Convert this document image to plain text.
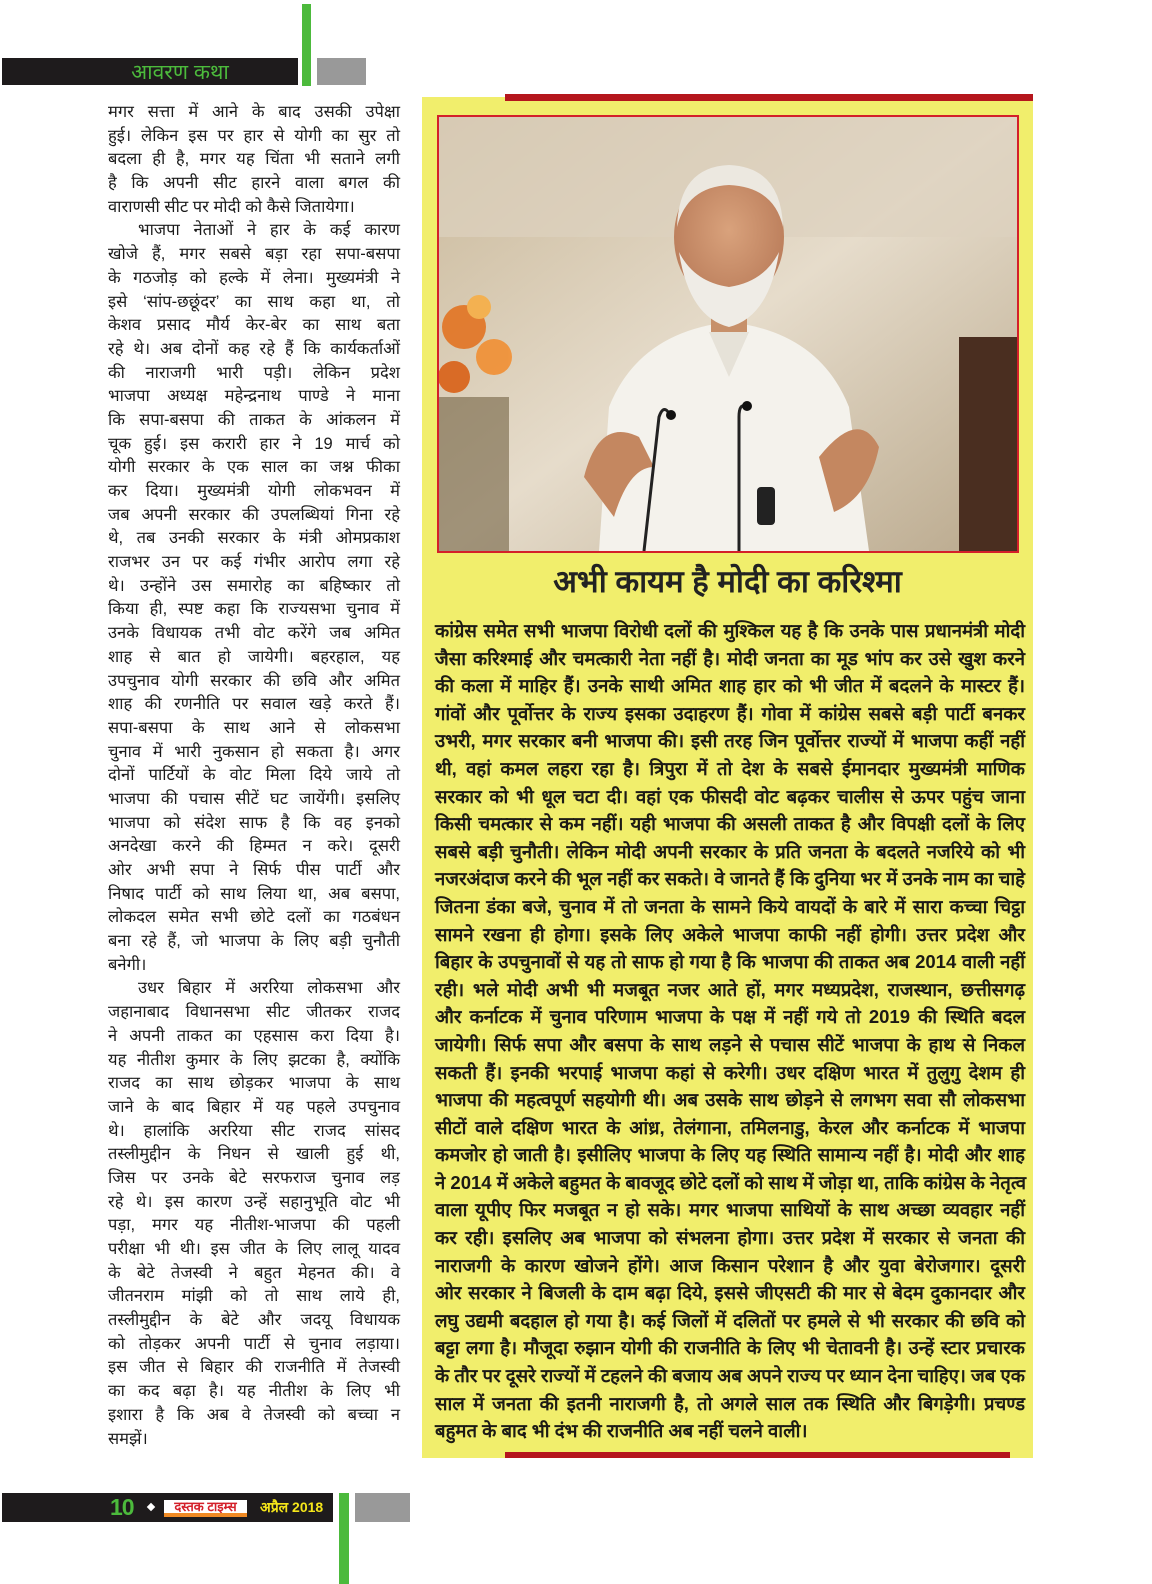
आवरण कथा
मगर सत्ता में आने के बाद उसकी उपेक्षा
हुई। लेकिन इस पर हार से योगी का सुर तो
बदला ही है, मगर यह चिंता भी सताने लगी
है कि अपनी सीट हारने वाला बगल की
वाराणसी सीट पर मोदी को कैसे जितायेगा।
भाजपा नेताओं ने हार के कई कारण
खोजे हैं, मगर सबसे बड़ा रहा सपा-बसपा
के गठजोड़ को हल्के में लेना। मुख्यमंत्री ने
इसे ‘सांप-छछूंदर’ का साथ कहा था, तो
केशव प्रसाद मौर्य केर-बेर का साथ बता
रहे थे। अब दोनों कह रहे हैं कि कार्यकर्ताओं
की नाराजगी भारी पड़ी। लेकिन प्रदेश
भाजपा अध्यक्ष महेन्द्रनाथ पाण्डे ने माना
कि सपा-बसपा की ताकत के आंकलन में
चूक हुई। इस करारी हार ने 19 मार्च को
योगी सरकार के एक साल का जश्न फीका
कर दिया। मुख्यमंत्री योगी लोकभवन में
जब अपनी सरकार की उपलब्धियां गिना रहे
थे, तब उनकी सरकार के मंत्री ओमप्रकाश
राजभर उन पर कई गंभीर आरोप लगा रहे
थे। उन्होंने उस समारोह का बहिष्कार तो
किया ही, स्पष्ट कहा कि राज्यसभा चुनाव में
उनके विधायक तभी वोट करेंगे जब अमित
शाह से बात हो जायेगी। बहरहाल, यह
उपचुनाव योगी सरकार की छवि और अमित
शाह की रणनीति पर सवाल खड़े करते हैं।
सपा-बसपा के साथ आने से लोकसभा
चुनाव में भारी नुकसान हो सकता है। अगर
दोनों पार्टियों के वोट मिला दिये जाये तो
भाजपा की पचास सीटें घट जायेंगी। इसलिए
भाजपा को संदेश साफ है कि वह इनको
अनदेखा करने की हिम्मत न करे। दूसरी
ओर अभी सपा ने सिर्फ पीस पार्टी और
निषाद पार्टी को साथ लिया था, अब बसपा,
लोकदल समेत सभी छोटे दलों का गठबंधन
बना रहे हैं, जो भाजपा के लिए बड़ी चुनौती
बनेगी।
उधर बिहार में अररिया लोकसभा और
जहानाबाद विधानसभा सीट जीतकर राजद
ने अपनी ताकत का एहसास करा दिया है।
यह नीतीश कुमार के लिए झटका है, क्योंकि
राजद का साथ छोड़कर भाजपा के साथ
जाने के बाद बिहार में यह पहले उपचुनाव
थे। हालांकि अररिया सीट राजद सांसद
तस्लीमुद्दीन के निधन से खाली हुई थी,
जिस पर उनके बेटे सरफराज चुनाव लड़
रहे थे। इस कारण उन्हें सहानुभूति वोट भी
पड़ा, मगर यह नीतीश-भाजपा की पहली
परीक्षा भी थी। इस जीत के लिए लालू यादव
के बेटे तेजस्वी ने बहुत मेहनत की। वे
जीतनराम मांझी को तो साथ लाये ही,
तस्लीमुद्दीन के बेटे और जदयू विधायक
को तोड़कर अपनी पार्टी से चुनाव लड़ाया।
इस जीत से बिहार की राजनीति में तेजस्वी
का कद बढ़ा है। यह नीतीश के लिए भी
इशारा है कि अब वे तेजस्वी को बच्चा न
समझें।
अभी कायम है मोदी का करिश्मा
कांग्रेस समेत सभी भाजपा विरोधी दलों की मुश्किल यह है कि उनके पास प्रधानमंत्री मोदी
जैसा करिश्माई और चमत्कारी नेता नहीं है। मोदी जनता का मूड भांप कर उसे खुश करने
की कला में माहिर हैं। उनके साथी अमित शाह हार को भी जीत में बदलने के मास्टर हैं।
गांवों और पूर्वोत्तर के राज्य इसका उदाहरण हैं। गोवा में कांग्रेस सबसे बड़ी पार्टी बनकर
उभरी, मगर सरकार बनी भाजपा की। इसी तरह जिन पूर्वोत्तर राज्यों में भाजपा कहीं नहीं
थी, वहां कमल लहरा रहा है। त्रिपुरा में तो देश के सबसे ईमानदार मुख्यमंत्री माणिक
सरकार को भी धूल चटा दी। वहां एक फीसदी वोट बढ़कर चालीस से ऊपर पहुंच जाना
किसी चमत्कार से कम नहीं। यही भाजपा की असली ताकत है और विपक्षी दलों के लिए
सबसे बड़ी चुनौती। लेकिन मोदी अपनी सरकार के प्रति जनता के बदलते नजरिये को भी
नजरअंदाज करने की भूल नहीं कर सकते। वे जानते हैं कि दुनिया भर में उनके नाम का चाहे
जितना डंका बजे, चुनाव में तो जनता के सामने किये वायदों के बारे में सारा कच्चा चिट्ठा
सामने रखना ही होगा। इसके लिए अकेले भाजपा काफी नहीं होगी। उत्तर प्रदेश और
बिहार के उपचुनावों से यह तो साफ हो गया है कि भाजपा की ताकत अब 2014 वाली नहीं
रही। भले मोदी अभी भी मजबूत नजर आते हों, मगर मध्यप्रदेश, राजस्थान, छत्तीसगढ़
और कर्नाटक में चुनाव परिणाम भाजपा के पक्ष में नहीं गये तो 2019 की स्थिति बदल
जायेगी। सिर्फ सपा और बसपा के साथ लड़ने से पचास सीटें भाजपा के हाथ से निकल
सकती हैं। इनकी भरपाई भाजपा कहां से करेगी। उधर दक्षिण भारत में तुलुगु देशम ही
भाजपा की महत्वपूर्ण सहयोगी थी। अब उसके साथ छोड़ने से लगभग सवा सौ लोकसभा
सीटों वाले दक्षिण भारत के आंध्र, तेलंगाना, तमिलनाडु, केरल और कर्नाटक में भाजपा
कमजोर हो जाती है। इसीलिए भाजपा के लिए यह स्थिति सामान्य नहीं है। मोदी और शाह
ने 2014 में अकेले बहुमत के बावजूद छोटे दलों को साथ में जोड़ा था, ताकि कांग्रेस के नेतृत्व
वाला यूपीए फिर मजबूत न हो सके। मगर भाजपा साथियों के साथ अच्छा व्यवहार नहीं
कर रही। इसलिए अब भाजपा को संभलना होगा। उत्तर प्रदेश में सरकार से जनता की
नाराजगी के कारण खोजने होंगे। आज किसान परेशान है और युवा बेरोजगार। दूसरी
ओर सरकार ने बिजली के दाम बढ़ा दिये, इससे जीएसटी की मार से बेदम दुकानदार और
लघु उद्यमी बदहाल हो गया है। कई जिलों में दलितों पर हमले से भी सरकार की छवि को
बट्टा लगा है। मौजूदा रुझान योगी की राजनीति के लिए भी चेतावनी है। उन्हें स्टार प्रचारक
के तौर पर दूसरे राज्यों में टहलने की बजाय अब अपने राज्य पर ध्यान देना चाहिए। जब एक
साल में जनता की इतनी नाराजगी है, तो अगले साल तक स्थिति और बिगड़ेगी। प्रचण्ड
बहुमत के बाद भी दंभ की राजनीति अब नहीं चलने वाली।
10	दस्तक टाइम्स	अप्रैल 2018
